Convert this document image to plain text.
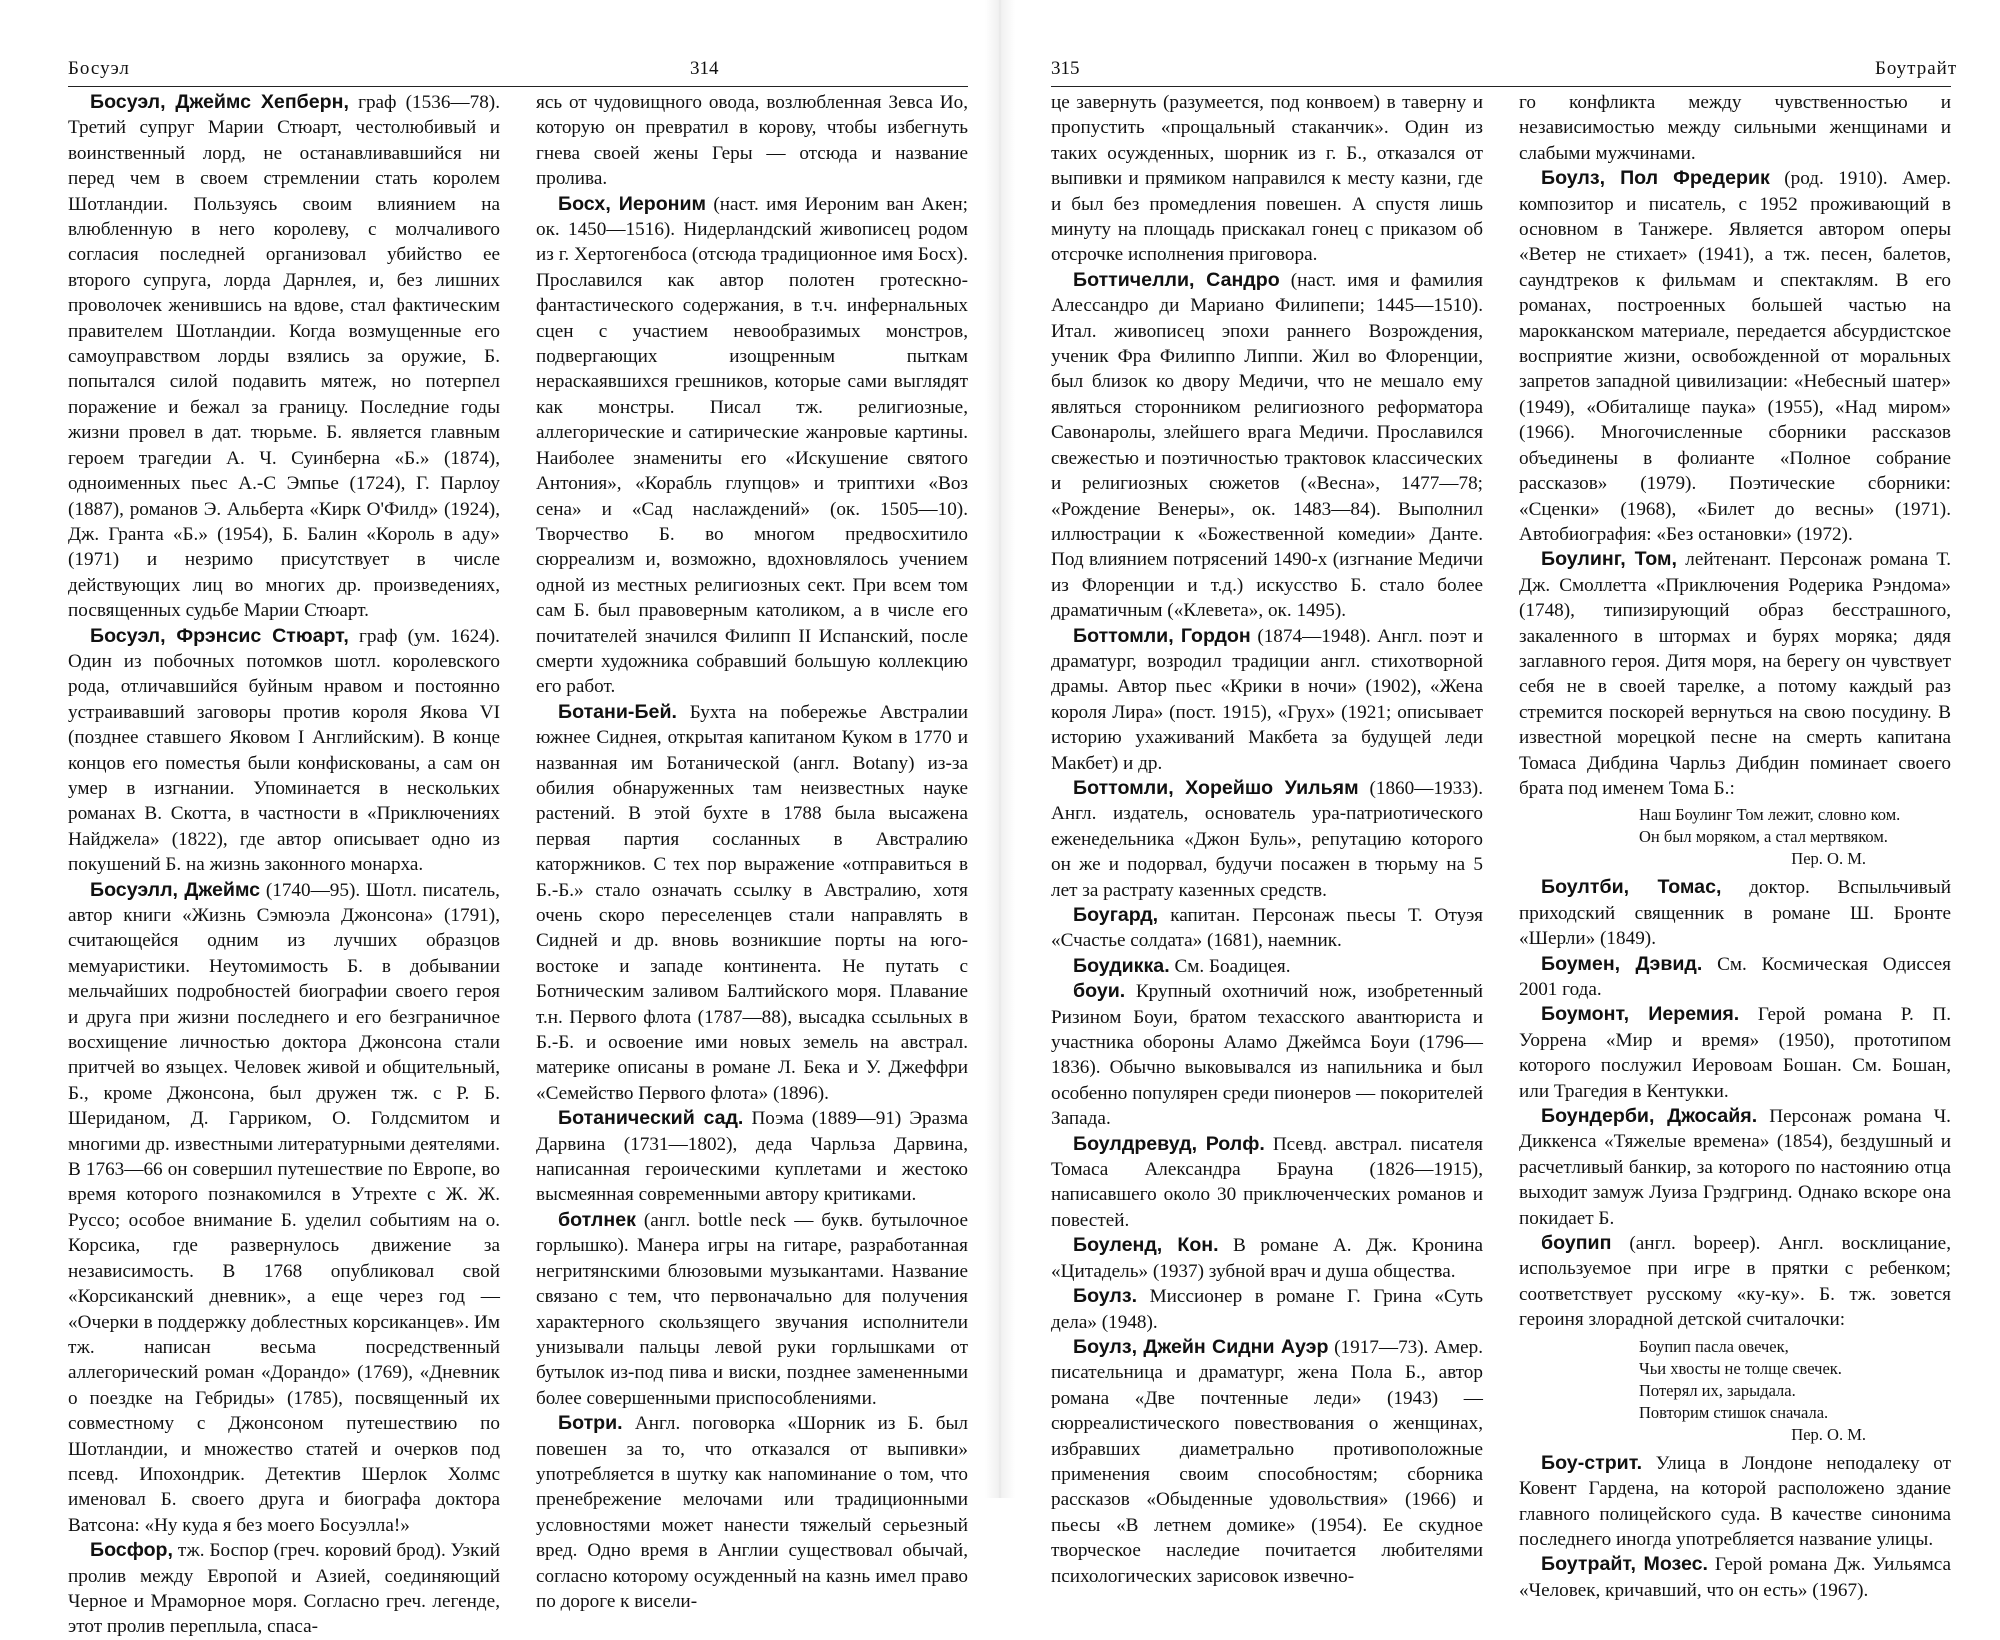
Босуэл	314

Босуэл, Джеймс Хепберн, граф (1536—78). Третий супруг Марии Стюарт, честолюбивый и воинственный лорд, не останавливавшийся ни перед чем в своем стремлении стать королем Шотландии. Пользуясь своим влиянием на влюбленную в него королеву, с молчаливого согласия последней организовал убийство ее второго супруга, лорда Дарнлея, и, без лишних проволочек женившись на вдове, стал фактическим правителем Шотландии. Когда возмущенные его самоуправством лорды взялись за оружие, Б. попытался силой подавить мятеж, но потерпел поражение и бежал за границу. Последние годы жизни провел в дат. тюрьме. Б. является главным героем трагедии А. Ч. Суинберна «Б.» (1874), одноименных пьес А.-С Эмпье (1724), Г. Парлоу (1887), романов Э. Альберта «Кирк О'Филд» (1924), Дж. Гранта «Б.» (1954), Б. Балин «Король в аду» (1971) и незримо присутствует в числе действующих лиц во многих др. произведениях, посвященных судьбе Марии Стюарт.

Босуэл, Фрэнсис Стюарт, граф (ум. 1624). Один из побочных потомков шотл. королевского рода, отличавшийся буйным нравом и постоянно устраивавший заговоры против короля Якова VI (позднее ставшего Яковом I Английским). В конце концов его поместья были конфискованы, а сам он умер в изгнании. Упоминается в нескольких романах В. Скотта, в частности в «Приключениях Найджела» (1822), где автор описывает одно из покушений Б. на жизнь законного монарха.

Босуэлл, Джеймс (1740—95). Шотл. писатель, автор книги «Жизнь Сэмюэла Джонсона» (1791), считающейся одним из лучших образцов мемуаристики. Неутомимость Б. в добывании мельчайших подробностей биографии своего героя и друга при жизни последнего и его безграничное восхищение личностью доктора Джонсона стали притчей во языцех. Человек живой и общительный, Б., кроме Джонсона, был дружен тж. с Р. Б. Шериданом, Д. Гарриком, О. Голдсмитом и многими др. известными литературными деятелями. В 1763—66 он совершил путешествие по Европе, во время которого познакомился в Утрехте с Ж. Ж. Руссо; особое внимание Б. уделил событиям на о. Корсика, где развернулось движение за независимость. В 1768 опубликовал свой «Корсиканский дневник», а еще через год — «Очерки в поддержку доблестных корсиканцев». Им тж. написан весьма посредственный аллегорический роман «Дорандо» (1769), «Дневник о поездке на Гебриды» (1785), посвященный их совместному с Джонсоном путешествию по Шотландии, и множество статей и очерков под псевд. Ипохондрик. Детектив Шерлок Холмс именовал Б. своего друга и биографа доктора Ватсона: «Ну куда я без моего Босуэлла!»

Босфор, тж. Боспор (греч. коровий брод). Узкий пролив между Европой и Азией, соединяющий Черное и Мраморное моря. Согласно греч. легенде, этот пролив переплыла, спаса-

ясь от чудовищного овода, возлюбленная Зевса Ио, которую он превратил в корову, чтобы избегнуть гнева своей жены Геры — отсюда и название пролива.

Босх, Иероним (наст. имя Иероним ван Акен; ок. 1450—1516). Нидерландский живописец родом из г. Хертогенбоса (отсюда традиционное имя Босх). Прославился как автор полотен гротескно-фантастического содержания, в т.ч. инфернальных сцен с участием невообразимых монстров, подвергающих изощренным пыткам нераскаявшихся грешников, которые сами выглядят как монстры. Писал тж. религиозные, аллегорические и сатирические жанровые картины. Наиболее знамениты его «Искушение святого Антония», «Корабль глупцов» и триптихи «Воз сена» и «Сад наслаждений» (ок. 1505—10). Творчество Б. во многом предвосхитило сюрреализм и, возможно, вдохновлялось учением одной из местных религиозных сект. При всем том сам Б. был правоверным католиком, а в числе его почитателей значился Филипп II Испанский, после смерти художника собравший большую коллекцию его работ.

Ботани-Бей. Бухта на побережье Австралии южнее Сиднея, открытая капитаном Куком в 1770 и названная им Ботанической (англ. Botany) из-за обилия обнаруженных там неизвестных науке растений. В этой бухте в 1788 была высажена первая партия сосланных в Австралию каторжников. С тех пор выражение «отправиться в Б.-Б.» стало означать ссылку в Австралию, хотя очень скоро переселенцев стали направлять в Сидней и др. вновь возникшие порты на юго-востоке и западе континента. Не путать с Ботническим заливом Балтийского моря. Плавание т.н. Первого флота (1787—88), высадка ссыльных в Б.-Б. и освоение ими новых земель на австрал. материке описаны в романе Л. Бека и У. Джеффри «Семейство Первого флота» (1896).

Ботанический сад. Поэма (1889—91) Эразма Дарвина (1731—1802), деда Чарльза Дарвина, написанная героическими куплетами и жестоко высмеянная современными автору критиками.

ботлнек (англ. bottle neck — букв. бутылочное горлышко). Манера игры на гитаре, разработанная негритянскими блюзовыми музыкантами. Название связано с тем, что первоначально для получения характерного скользящего звучания исполнители унизывали пальцы левой руки горлышками от бутылок из-под пива и виски, позднее замененными более совершенными приспособлениями.

Ботри. Англ. поговорка «Шорник из Б. был повешен за то, что отказался от выпивки» употребляется в шутку как напоминание о том, что пренебрежение мелочами или традиционными условностями может нанести тяжелый серьезный вред. Одно время в Англии существовал обычай, согласно которому осужденный на казнь имел право по дороге к висели-

315	Боутрайт

це завернуть (разумеется, под конвоем) в таверну и пропустить «прощальный стаканчик». Один из таких осужденных, шорник из г. Б., отказался от выпивки и прямиком направился к месту казни, где и был без промедления повешен. А спустя лишь минуту на площадь прискакал гонец с приказом об отсрочке исполнения приговора.

Боттичелли, Сандро (наст. имя и фамилия Алессандро ди Мариано Филипепи; 1445—1510). Итал. живописец эпохи раннего Возрождения, ученик Фра Филиппо Липпи. Жил во Флоренции, был близок ко двору Медичи, что не мешало ему являться сторонником религиозного реформатора Савонаролы, злейшего врага Медичи. Прославился свежестью и поэтичностью трактовок классических и религиозных сюжетов («Весна», 1477—78; «Рождение Венеры», ок. 1483—84). Выполнил иллюстрации к «Божественной комедии» Данте. Под влиянием потрясений 1490-х (изгнание Медичи из Флоренции и т.д.) искусство Б. стало более драматичным («Клевета», ок. 1495).

Боттомли, Гордон (1874—1948). Англ. поэт и драматург, возродил традиции англ. стихотворной драмы. Автор пьес «Крики в ночи» (1902), «Жена короля Лира» (пост. 1915), «Грух» (1921; описывает историю ухаживаний Макбета за будущей леди Макбет) и др.

Боттомли, Хорейшо Уильям (1860—1933). Англ. издатель, основатель ура-патриотического еженедельника «Джон Буль», репутацию которого он же и подорвал, будучи посажен в тюрьму на 5 лет за растрату казенных средств.

Боугард, капитан. Персонаж пьесы Т. Отуэя «Счастье солдата» (1681), наемник.

Боудикка. См. Боадицея.

боуи. Крупный охотничий нож, изобретенный Ризином Боуи, братом техасского авантюриста и участника обороны Аламо Джеймса Боуи (1796—1836). Обычно выковывался из напильника и был особенно популярен среди пионеров — покорителей Запада.

Боулдревуд, Ролф. Псевд. австрал. писателя Томаса Александра Брауна (1826—1915), написавшего около 30 приключенческих романов и повестей.

Боуленд, Кон. В романе А. Дж. Кронина «Цитадель» (1937) зубной врач и душа общества.

Боулз. Миссионер в романе Г. Грина «Суть дела» (1948).

Боулз, Джейн Сидни Ауэр (1917—73). Амер. писательница и драматург, жена Пола Б., автор романа «Две почтенные леди» (1943) — сюрреалистического повествования о женщинах, избравших диаметрально противоположные применения своим способностям; сборника рассказов «Обыденные удовольствия» (1966) и пьесы «В летнем домике» (1954). Ее скудное творческое наследие почитается любителями психологических зарисовок извечно-

го конфликта между чувственностью и независимостью между сильными женщинами и слабыми мужчинами.

Боулз, Пол Фредерик (род. 1910). Амер. композитор и писатель, с 1952 проживающий в основном в Танжере. Является автором оперы «Ветер не стихает» (1941), а тж. песен, балетов, саундтреков к фильмам и спектаклям. В его романах, построенных большей частью на марокканском материале, передается абсурдистское восприятие жизни, освобожденной от моральных запретов западной цивилизации: «Небесный шатер» (1949), «Обиталище паука» (1955), «Над миром» (1966). Многочисленные сборники рассказов объединены в фолианте «Полное собрание рассказов» (1979). Поэтические сборники: «Сценки» (1968), «Билет до весны» (1971). Автобиография: «Без остановки» (1972).

Боулинг, Том, лейтенант. Персонаж романа Т. Дж. Смоллетта «Приключения Родерика Рэндома» (1748), типизирующий образ бесстрашного, закаленного в штормах и бурях моряка; дядя заглавного героя. Дитя моря, на берегу он чувствует себя не в своей тарелке, а потому каждый раз стремится поскорей вернуться на свою посудину. В известной морецкой песне на смерть капитана Томаса Дибдина Чарльз Дибдин поминает своего брата под именем Тома Б.:

Наш Боулинг Том лежит, словно ком.
Он был моряком, а стал мертвяком.
Пер. О. М.

Боултби, Томас, доктор. Вспыльчивый приходский священник в романе Ш. Бронте «Шерли» (1849).

Боумен, Дэвид. См. Космическая Одиссея 2001 года.

Боумонт, Иеремия. Герой романа Р. П. Уоррена «Мир и время» (1950), прототипом которого послужил Иеровоам Бошан. См. Бошан, или Трагедия в Кентукки.

Боундерби, Джосайя. Персонаж романа Ч. Диккенса «Тяжелые времена» (1854), бездушный и расчетливый банкир, за которого по настоянию отца выходит замуж Луиза Грэдгринд. Однако вскоре она покидает Б.

боупип (англ. bopeep). Англ. восклицание, используемое при игре в прятки с ребенком; соответствует русскому «ку-ку». Б. тж. зовется героиня злорадной детской считалочки:

Боупип пасла овечек,
Чьи хвосты не толще свечек.
Потерял их, зарыдала.
Повторим стишок сначала.
Пер. О. М.

Боу-стрит. Улица в Лондоне неподалеку от Ковент Гардена, на которой расположено здание главного полицейского суда. В качестве синонима последнего иногда употребляется название улицы.

Боутрайт, Мозес. Герой романа Дж. Уильямса «Человек, кричавший, что он есть» (1967).
